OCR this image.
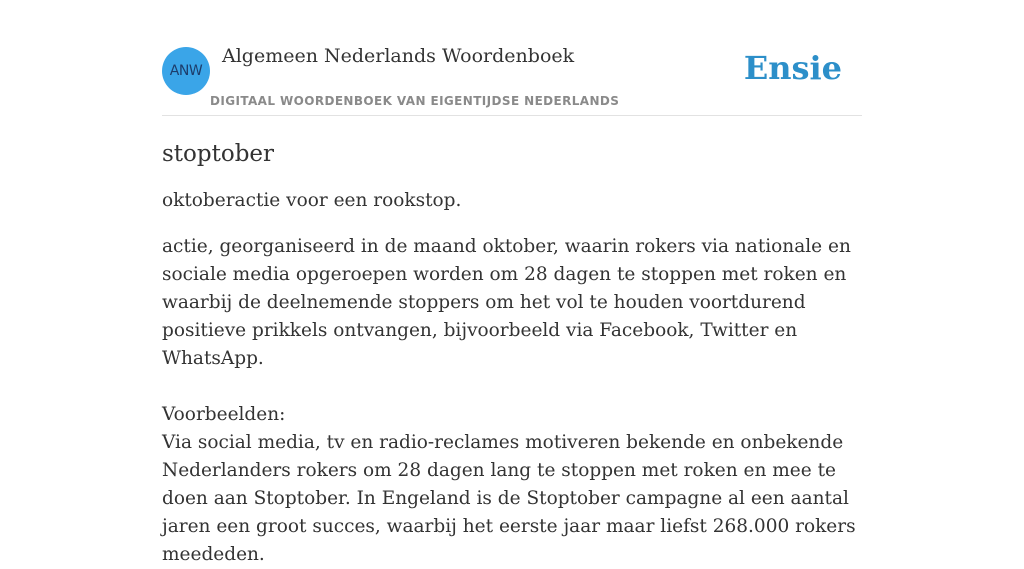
ANW
Algemeen Nederlands Woordenboek
DIGITAAL WOORDENBOEK VAN EIGENTIJDSE NEDERLANDS
Ensie
stoptober

oktoberactie voor een rookstop.

actie, georganiseerd in de maand oktober, waarin rokers via nationale en sociale media opgeroepen worden om 28 dagen te stoppen met roken en waarbij de deelnemende stoppers om het vol te houden voortdurend positieve prikkels ontvangen, bijvoorbeeld via Facebook, Twitter en WhatsApp.

Voorbeelden:
Via social media, tv en radio-reclames motiveren bekende en onbekende Nederlanders rokers om 28 dagen lang te stoppen met roken en mee te doen aan Stoptober. In Engeland is de Stoptober campagne al een aantal jaren een groot succes, waarbij het eerste jaar maar liefst 268.000 rokers meededen.
